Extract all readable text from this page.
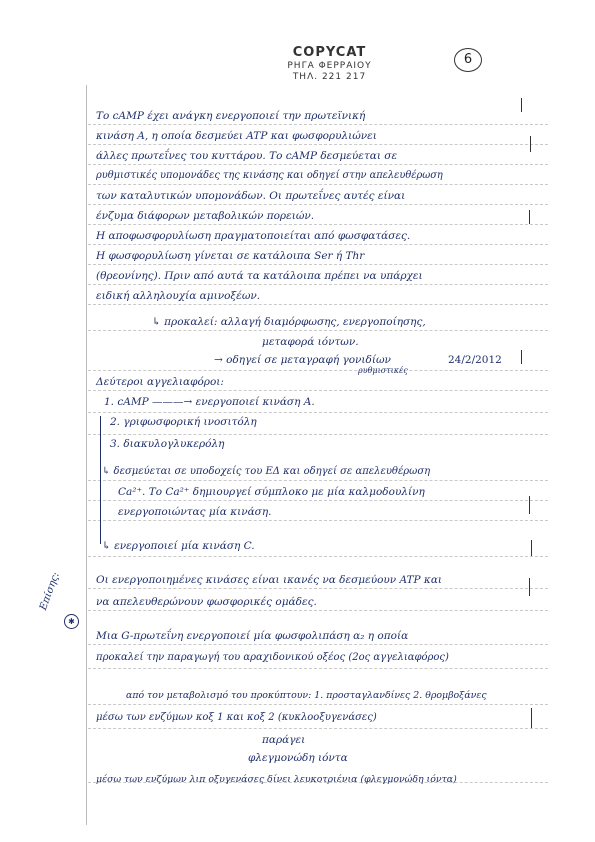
COPYCAT
ΡΗΓΑ ΦΕΡΡΑΙΟΥ
ΤΗΛ. 221 217
6
Το cAMP έχει ανάγκη ενεργοποιεί την πρωτεϊνική
κινάση Α, η οποία δεσμεύει ATP και φωσφορυλιώνει
άλλες πρωτεΐνες του κυττάρου. Το cAMP δεσμεύεται σε
ρυθμιστικές υπομονάδες της κινάσης και οδηγεί στην απελευθέρωση
των καταλυτικών υπομονάδων. Οι πρωτεΐνες αυτές είναι
ένζυμα διάφορων μεταβολικών πορειών.
Η αποφωσφορυλίωση πραγματοποιείται από φωσφατάσες.
Η φωσφορυλίωση γίνεται σε κατάλοιπα Ser ή Thr
(θρεονίνης). Πριν από αυτά τα κατάλοιπα πρέπει να υπάρχει
ειδική αλληλουχία αμινοξέων.
↳ προκαλεί: αλλαγή διαμόρφωσης, ενεργοποίησης,
μεταφορά ιόντων.
→ οδηγεί σε μεταγραφή γονιδίων
ρυθμιστικές
24/2/2012
Δεύτεροι αγγελιαφόροι:
1. cAMP ———→ ενεργοποιεί κινάση Α.
2. γριφωσφορική ινοσιτόλη
3. διακυλογλυκερόλη
↳ δεσμεύεται σε υποδοχείς του ΕΔ και οδηγεί σε απελευθέρωση
Ca²⁺. Το Ca²⁺ δημιουργεί σύμπλοκο με μία καλμοδουλίνη
ενεργοποιώντας μία κινάση.
↳ ενεργοποιεί μία κινάση C.
Οι ενεργοποιημένες κινάσες είναι ικανές να δεσμεύουν ATP και
να απελευθερώνουν φωσφορικές ομάδες.
Επίσης:
✱
Μια G-πρωτεΐνη ενεργοποιεί μία φωσφολιπάση α₂ η οποία
προκαλεί την παραγωγή του αραχιδονικού οξέος (2ος αγγελιαφόρος)
από τον μεταβολισμό του προκύπτουν: 1. προσταγλανδίνες 2. θρομβοξάνες
μέσω των ενζύμων κοξ 1 και κοξ 2 (κυκλοοξυγενάσες)
παράγει
φλεγμονώδη ιόντα
μέσω των ενζύμων λιπ οξυγενάσες δίνει λευκοτριένια (φλεγμονώδη ιόντα)
